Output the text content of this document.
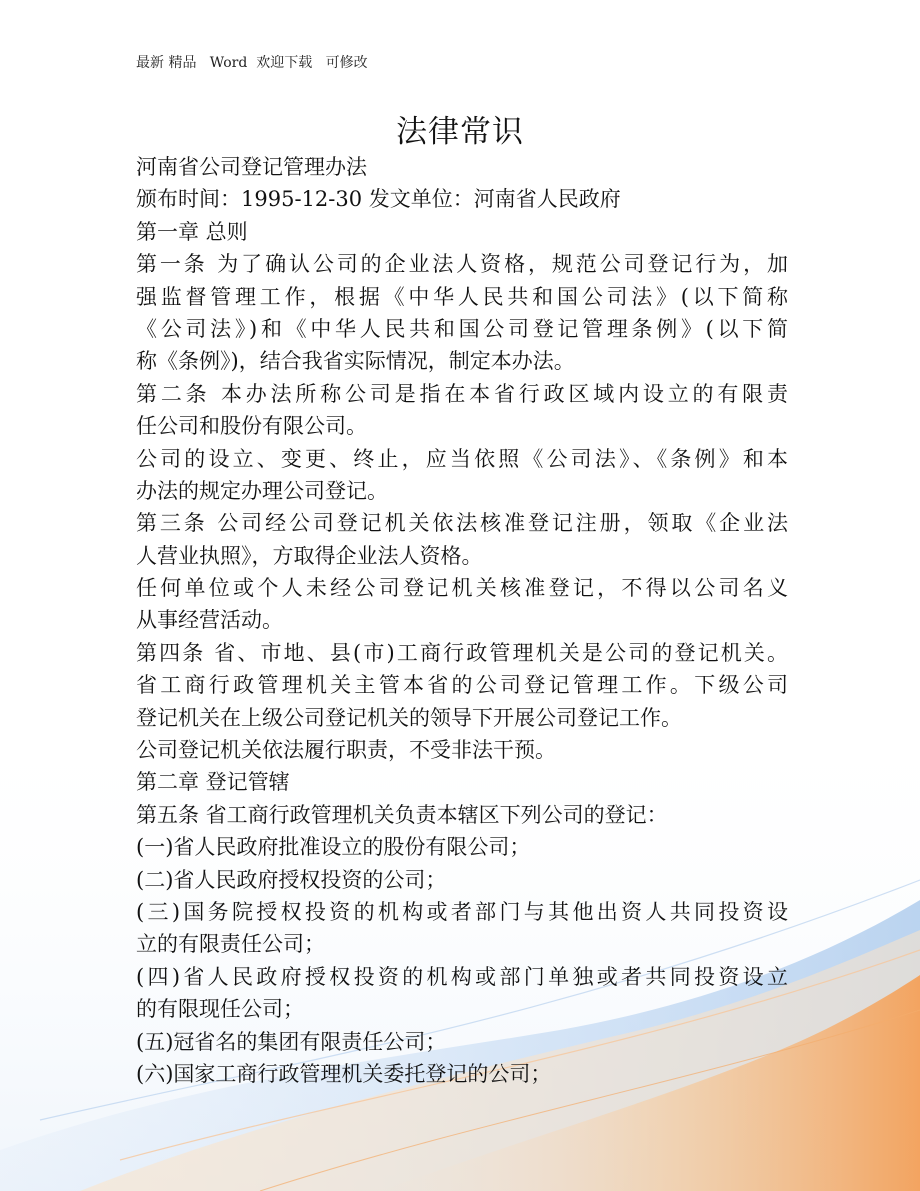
最新 精品   Word  欢迎下载   可修改
法律常识
河南省公司登记管理办法
颁布时间：1995-12-30 发文单位：河南省人民政府
第一章 总则
第一条 为了确认公司的企业法人资格，规范公司登记行为，加
强监督管理工作，根据《中华人民共和国公司法》(以下简称
《公司法》)和《中华人民共和国公司登记管理条例》(以下简
称《条例》)，结合我省实际情况，制定本办法。
第二条 本办法所称公司是指在本省行政区域内设立的有限责
任公司和股份有限公司。
公司的设立、变更、终止，应当依照《公司法》、《条例》和本
办法的规定办理公司登记。
第三条 公司经公司登记机关依法核准登记注册，领取《企业法
人营业执照》，方取得企业法人资格。
任何单位或个人未经公司登记机关核准登记，不得以公司名义
从事经营活动。
第四条 省、市地、县(市)工商行政管理机关是公司的登记机关。
省工商行政管理机关主管本省的公司登记管理工作。下级公司
登记机关在上级公司登记机关的领导下开展公司登记工作。
公司登记机关依法履行职责，不受非法干预。
第二章 登记管辖
第五条 省工商行政管理机关负责本辖区下列公司的登记：
(一)省人民政府批准设立的股份有限公司；
(二)省人民政府授权投资的公司；
(三)国务院授权投资的机构或者部门与其他出资人共同投资设
立的有限责任公司；
(四)省人民政府授权投资的机构或部门单独或者共同投资设立
的有限现任公司；
(五)冠省名的集团有限责任公司；
(六)国家工商行政管理机关委托登记的公司；
